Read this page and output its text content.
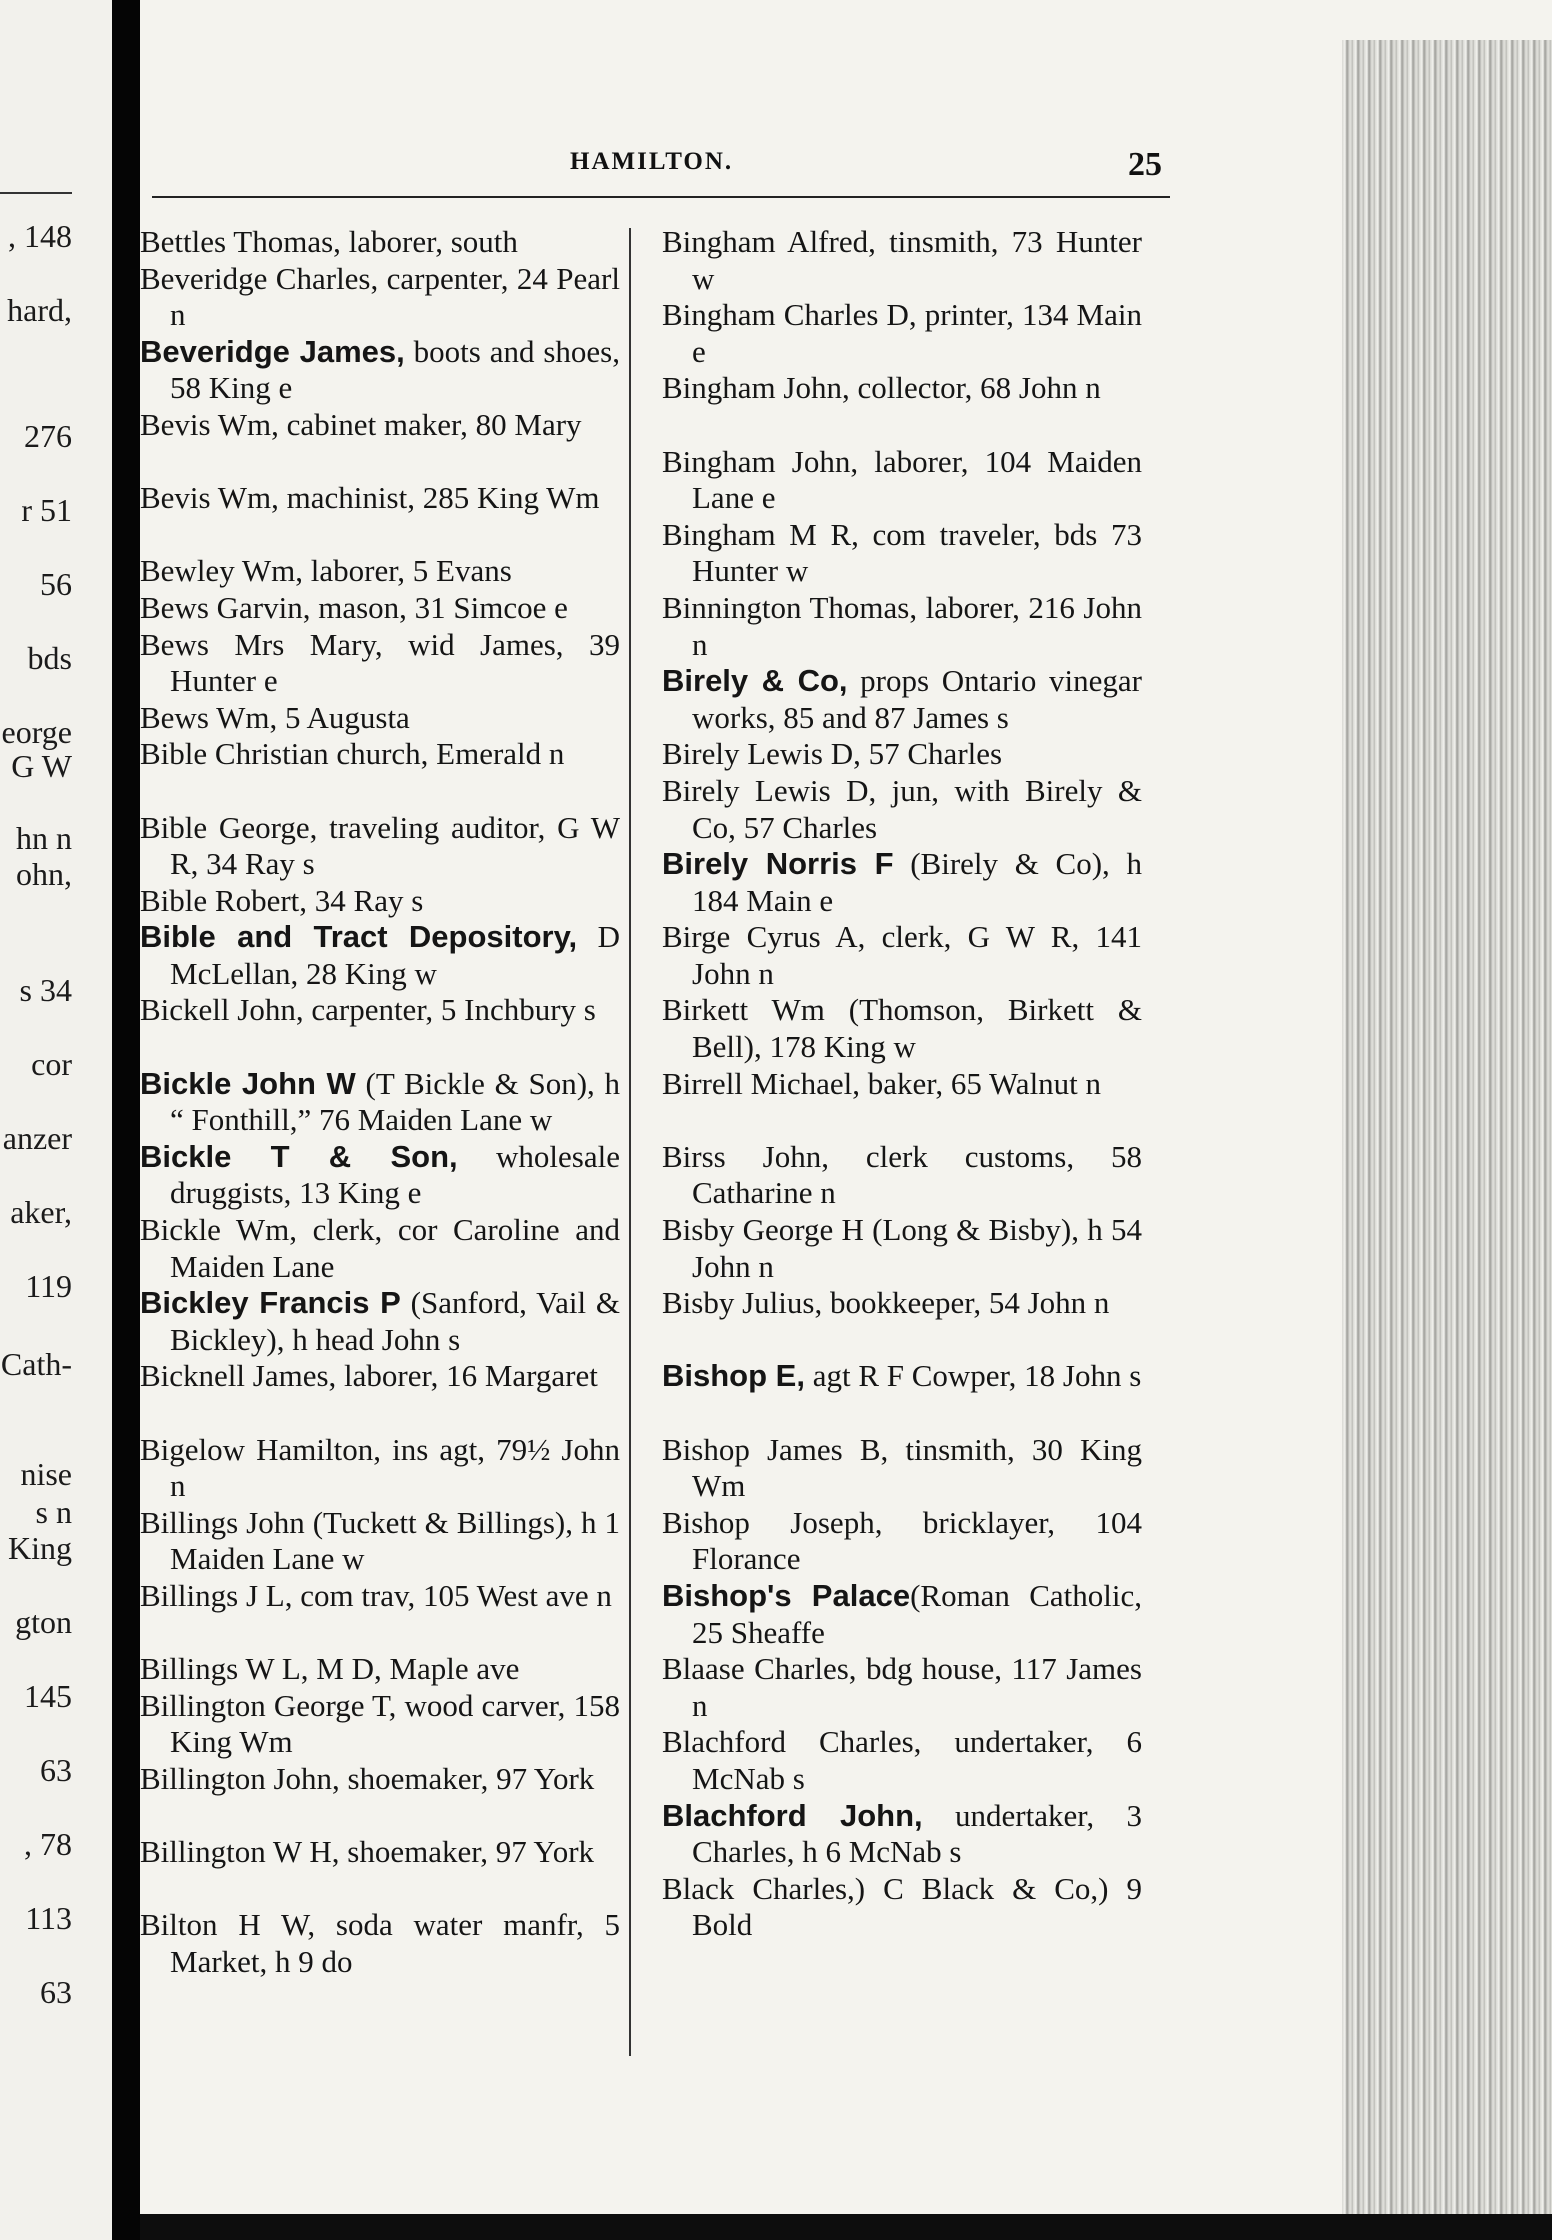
, 148
hard,
276
r 51
56
bds
eorge
G W
hn n
ohn,
s 34
cor
anzer
aker,
119
Cath-
nise
s n
King
gton
145
63
, 78
113
63
HAMILTON.	25

Bettles Thomas, laborer, south

Beveridge Charles, carpenter, 24 Pearl n

Beveridge James, boots and shoes, 58 King e

Bevis Wm, cabinet maker, 80 Mary

Bevis Wm, machinist, 285 King Wm

Bewley Wm, laborer, 5 Evans

Bews Garvin, mason, 31 Simcoe e

Bews Mrs Mary, wid James, 39 Hunter e

Bews Wm, 5 Augusta

Bible Christian church, Emerald n

Bible George, traveling auditor, G W R, 34 Ray s

Bible Robert, 34 Ray s

Bible and Tract Depository, D McLellan, 28 King w

Bickell John, carpenter, 5 Inchbury s

Bickle John W (T Bickle & Son), h “ Fonthill,” 76 Maiden Lane w

Bickle T & Son, wholesale druggists, 13 King e

Bickle Wm, clerk, cor Caroline and Maiden Lane

Bickley Francis P (Sanford, Vail & Bickley), h head John s

Bicknell James, laborer, 16 Margaret

Bigelow Hamilton, ins agt, 79½ John n

Billings John (Tuckett & Billings), h 1 Maiden Lane w

Billings J L, com trav, 105 West ave n

Billings W L, M D, Maple ave

Billington George T, wood carver, 158 King Wm

Billington John, shoemaker, 97 York

Billington W H, shoemaker, 97 York

Bilton H W, soda water manfr, 5 Market, h 9 do

Bingham Alfred, tinsmith, 73 Hunter w

Bingham Charles D, printer, 134 Main e

Bingham John, collector, 68 John n

Bingham John, laborer, 104 Maiden Lane e

Bingham M R, com traveler, bds 73 Hunter w

Binnington Thomas, laborer, 216 John n

Birely & Co, props Ontario vinegar works, 85 and 87 James s

Birely Lewis D, 57 Charles

Birely Lewis D, jun, with Birely & Co, 57 Charles

Birely Norris F (Birely & Co), h 184 Main e

Birge Cyrus A, clerk, G W R, 141 John n

Birkett Wm (Thomson, Birkett & Bell), 178 King w

Birrell Michael, baker, 65 Walnut n

Birss John, clerk customs, 58 Catharine n

Bisby George H (Long & Bisby), h 54 John n

Bisby Julius, bookkeeper, 54 John n

Bishop E, agt R F Cowper, 18 John s

Bishop James B, tinsmith, 30 King Wm

Bishop Joseph, bricklayer, 104 Florance

Bishop's Palace(Roman Catholic, 25 Sheaffe

Blaase Charles, bdg house, 117 James n

Blachford Charles, undertaker, 6 McNab s

Blachford John, undertaker, 3 Charles, h 6 McNab s

Black Charles,) C Black & Co,) 9 Bold
